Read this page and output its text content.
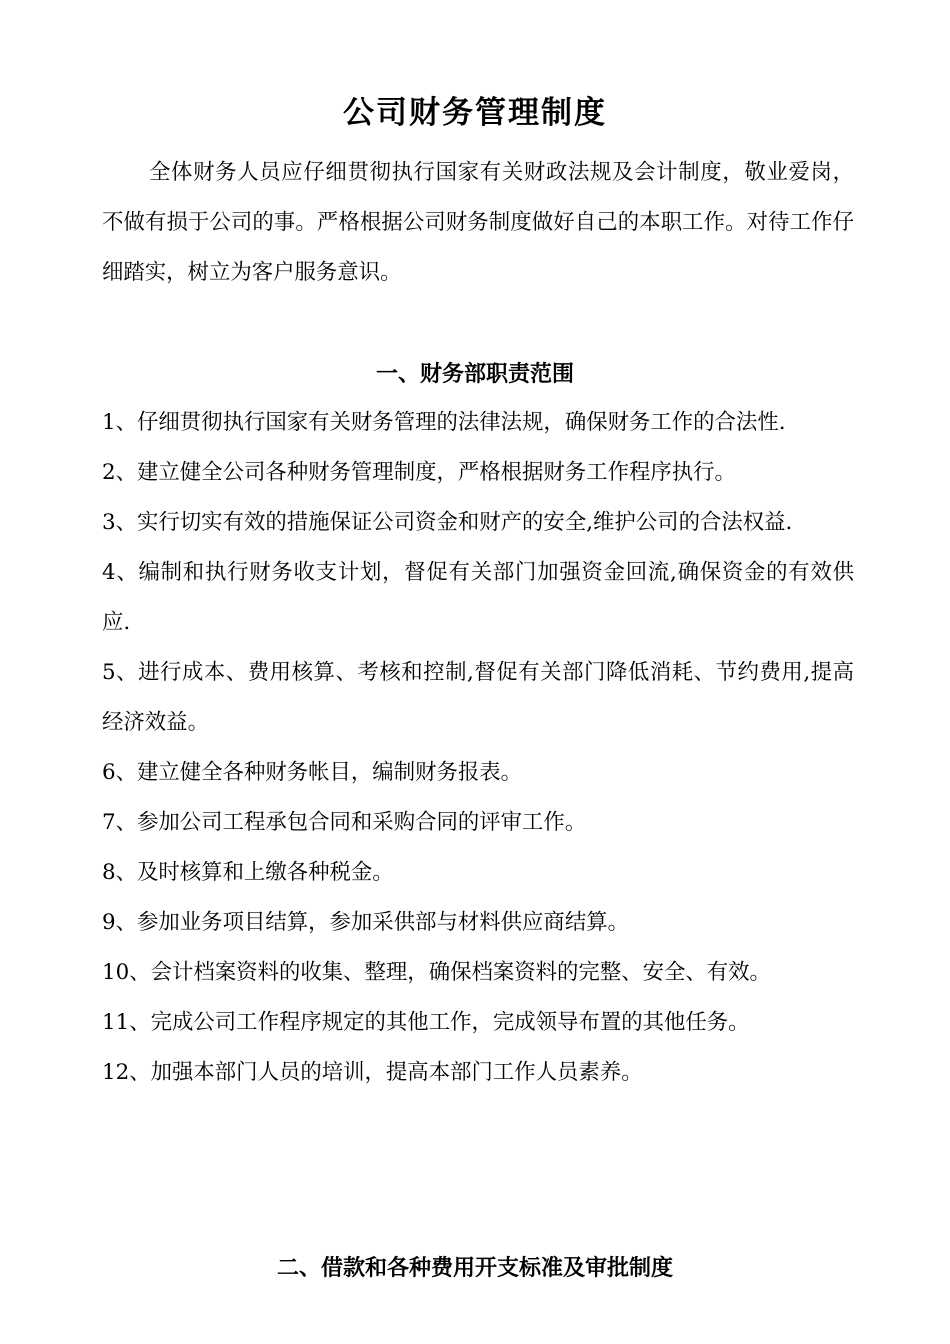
公司财务管理制度

全体财务人员应仔细贯彻执行国家有关财政法规及会计制度，敬业爱岗，不做有损于公司的事。严格根据公司财务制度做好自己的本职工作。对待工作仔细踏实，树立为客户服务意识。

一、财务部职责范围
1、仔细贯彻执行国家有关财务管理的法律法规，确保财务工作的合法性.
2、建立健全公司各种财务管理制度，严格根据财务工作程序执行。
3、实行切实有效的措施保证公司资金和财产的安全,维护公司的合法权益.
4、编制和执行财务收支计划，督促有关部门加强资金回流,确保资金的有效供应.
5、进行成本、费用核算、考核和控制,督促有关部门降低消耗、节约费用,提高经济效益。
6、建立健全各种财务帐目，编制财务报表。
7、参加公司工程承包合同和采购合同的评审工作。
8、及时核算和上缴各种税金。
9、参加业务项目结算，参加采供部与材料供应商结算。
10、会计档案资料的收集、整理，确保档案资料的完整、安全、有效。
11、完成公司工作程序规定的其他工作，完成领导布置的其他任务。
12、加强本部门人员的培训，提高本部门工作人员素养。
二、借款和各种费用开支标准及审批制度
